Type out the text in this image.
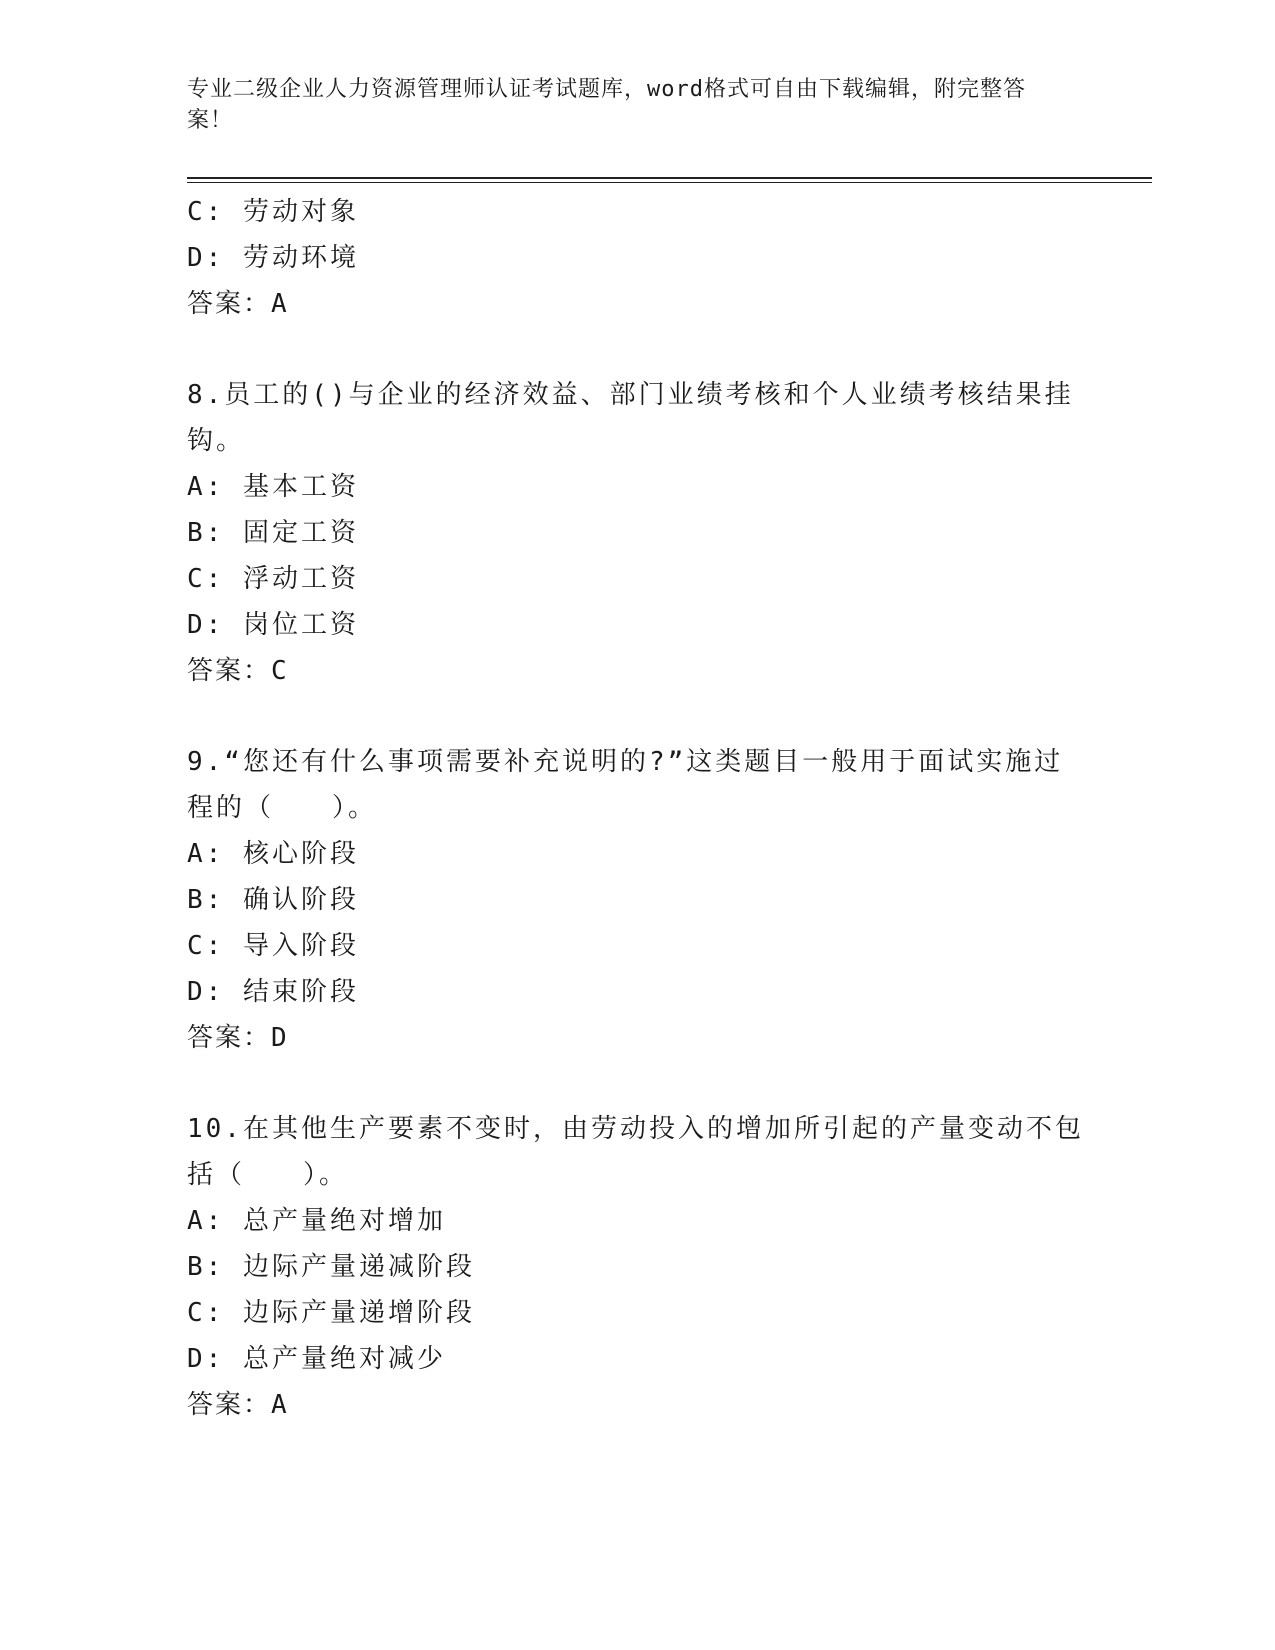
专业二级企业人力资源管理师认证考试题库，word格式可自由下载编辑，附完整答案！
C: 劳动对象
D: 劳动环境
答案：A
8.员工的()与企业的经济效益、部门业绩考核和个人业绩考核结果挂钩。
A: 基本工资
B: 固定工资
C: 浮动工资
D: 岗位工资
答案：C
9.“您还有什么事项需要补充说明的?”这类题目一般用于面试实施过程的（　　）。
A: 核心阶段
B: 确认阶段
C: 导入阶段
D: 结束阶段
答案：D
10.在其他生产要素不变时，由劳动投入的增加所引起的产量变动不包括（　　）。
A: 总产量绝对增加
B: 边际产量递减阶段
C: 边际产量递增阶段
D: 总产量绝对减少
答案：A
